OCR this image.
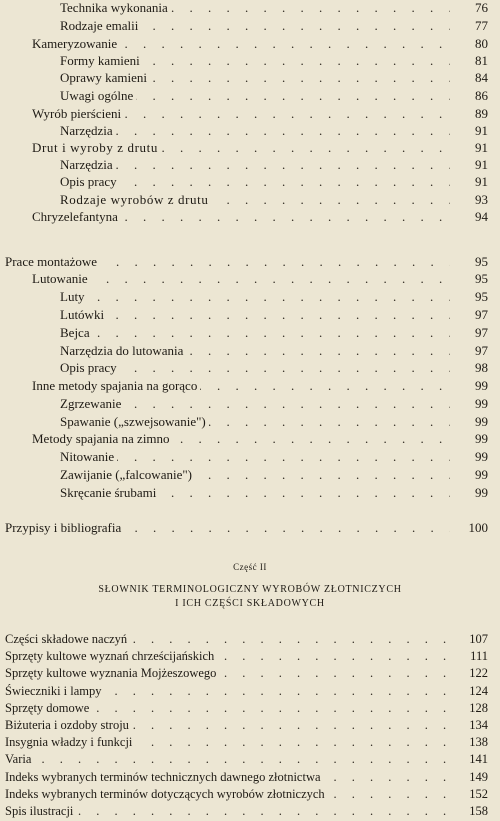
Technika wykonania . . .	76
Rodzaje emalii . . .	77
Kameryzowanie . . .	80
Formy kamieni . . .	81
Oprawy kamieni . . .	84
Uwagi ogólne . . .	86
Wyrób pierścieni . . .	89
Narzędzia . . .	91
Drut i wyroby z drutu . . .	91
Narzędzia . . .	91
Opis pracy . . .	91
Rodzaje wyrobów z drutu . . .	93
Chryzelefantyna . . .	94
Prace montażowe . . .	95
Lutowanie . . .	95
Luty . . .	95
Lutówki . . .	97
Bejca . . .	97
Narzędzia do lutowania . . .	97
Opis pracy . . .	98
Inne metody spajania na gorąco . . .	99
Zgrzewanie . . .	99
Spawanie („szwejsowanie") . . .	99
Metody spajania na zimno . . .	99
Nitowanie . . .	99
Zawijanie („falcowanie") . . .	99
Skręcanie śrubami . . .	99
Przypisy i bibliografia . . .	100
Część II
SŁOWNIK TERMINOLOGICZNY WYROBÓW ZŁOTNICZYCH
I ICH CZĘŚCI SKŁADOWYCH
Części składowe naczyń . . .	107
Sprzęty kultowe wyznań chrześcijańskich . . .	111
Sprzęty kultowe wyznania Mojżeszowego . . .	122
Świeczniki i lampy . . .	124
Sprzęty domowe . . .	128
Biżuteria i ozdoby stroju . . .	134
Insygnia władzy i funkcji . . .	138
Varia . . .	141
Indeks wybranych terminów technicznych dawnego złotnictwa . . .	149
Indeks wybranych terminów dotyczących wyrobów złotniczych . . .	152
Spis ilustracji . . .	158
